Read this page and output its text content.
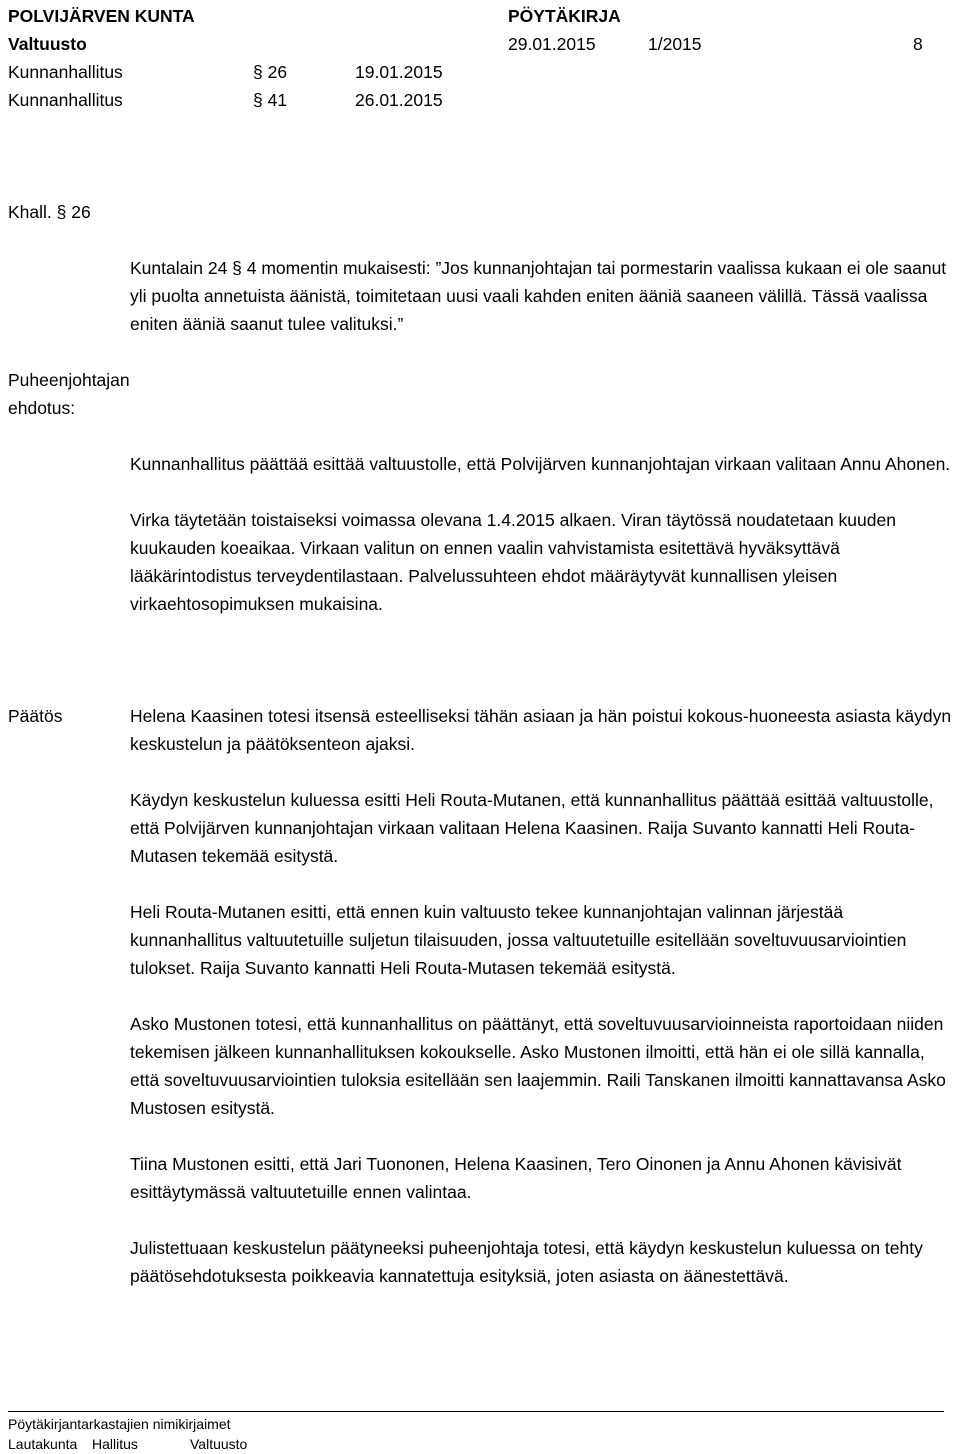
POLVIJÄRVEN KUNTA	PÖYTÄKIRJA
Valtuusto	29.01.2015	1/2015	8
Kunnanhallitus	§ 26	19.01.2015
Kunnanhallitus	§ 41	26.01.2015
Khall. § 26

Kuntalain 24 § 4 momentin mukaisesti: ”Jos kunnanjohtajan tai pormestarin vaalissa kukaan ei ole saanut yli puolta annetuista äänistä, toimitetaan uusi vaali kahden eniten ääniä saaneen välillä. Tässä vaalissa eniten ääniä saanut tulee valituksi.”

Puheenjohtajan
ehdotus:

Kunnanhallitus päättää esittää valtuustolle, että Polvijärven kunnanjohtajan virkaan valitaan Annu Ahonen.

Virka täytetään toistaiseksi voimassa olevana 1.4.2015 alkaen. Viran täytössä noudatetaan kuuden kuukauden koeaikaa. Virkaan valitun on ennen vaalin vahvistamista esitettävä hyväksyttävä lääkärintodistus terveydentilastaan. Palvelussuhteen ehdot määräytyvät kunnallisen yleisen virkaehtosopimuksen mukaisina.

Päätös	Helena Kaasinen totesi itsensä esteelliseksi tähän asiaan ja hän poistui kokous-huoneesta asiasta käydyn keskustelun ja päätöksenteon ajaksi.

Käydyn keskustelun kuluessa esitti Heli Routa-Mutanen, että kunnanhallitus päättää esittää valtuustolle, että Polvijärven kunnanjohtajan virkaan valitaan Helena Kaasinen. Raija Suvanto kannatti Heli Routa-Mutasen tekemää esitystä.

Heli Routa-Mutanen esitti, että ennen kuin valtuusto tekee kunnanjohtajan valinnan järjestää kunnanhallitus valtuutetuille suljetun tilaisuuden, jossa valtuutetuille esitellään soveltuvuusarviointien tulokset. Raija Suvanto kannatti Heli Routa-Mutasen tekemää esitystä.

Asko Mustonen totesi, että kunnanhallitus on päättänyt, että soveltuvuusarvioinneista raportoidaan niiden tekemisen jälkeen kunnanhallituksen kokoukselle. Asko Mustonen ilmoitti, että hän ei ole sillä kannalla, että soveltuvuusarviointien tuloksia esitellään sen laajemmin. Raili Tanskanen ilmoitti kannattavansa Asko Mustosen esitystä.

Tiina Mustonen esitti, että Jari Tuononen, Helena Kaasinen, Tero Oinonen ja Annu Ahonen kävisivät esittäytymässä valtuutetuille ennen valintaa.

Julistettuaan keskustelun päätyneeksi puheenjohtaja totesi, että käydyn keskustelun kuluessa on tehty päätösehdotuksesta poikkeavia kannatettuja esityksiä, joten asiasta on äänestettävä.

Pöytäkirjantarkastajien nimikirjaimet
Lautakunta Hallitus	Valtuusto
